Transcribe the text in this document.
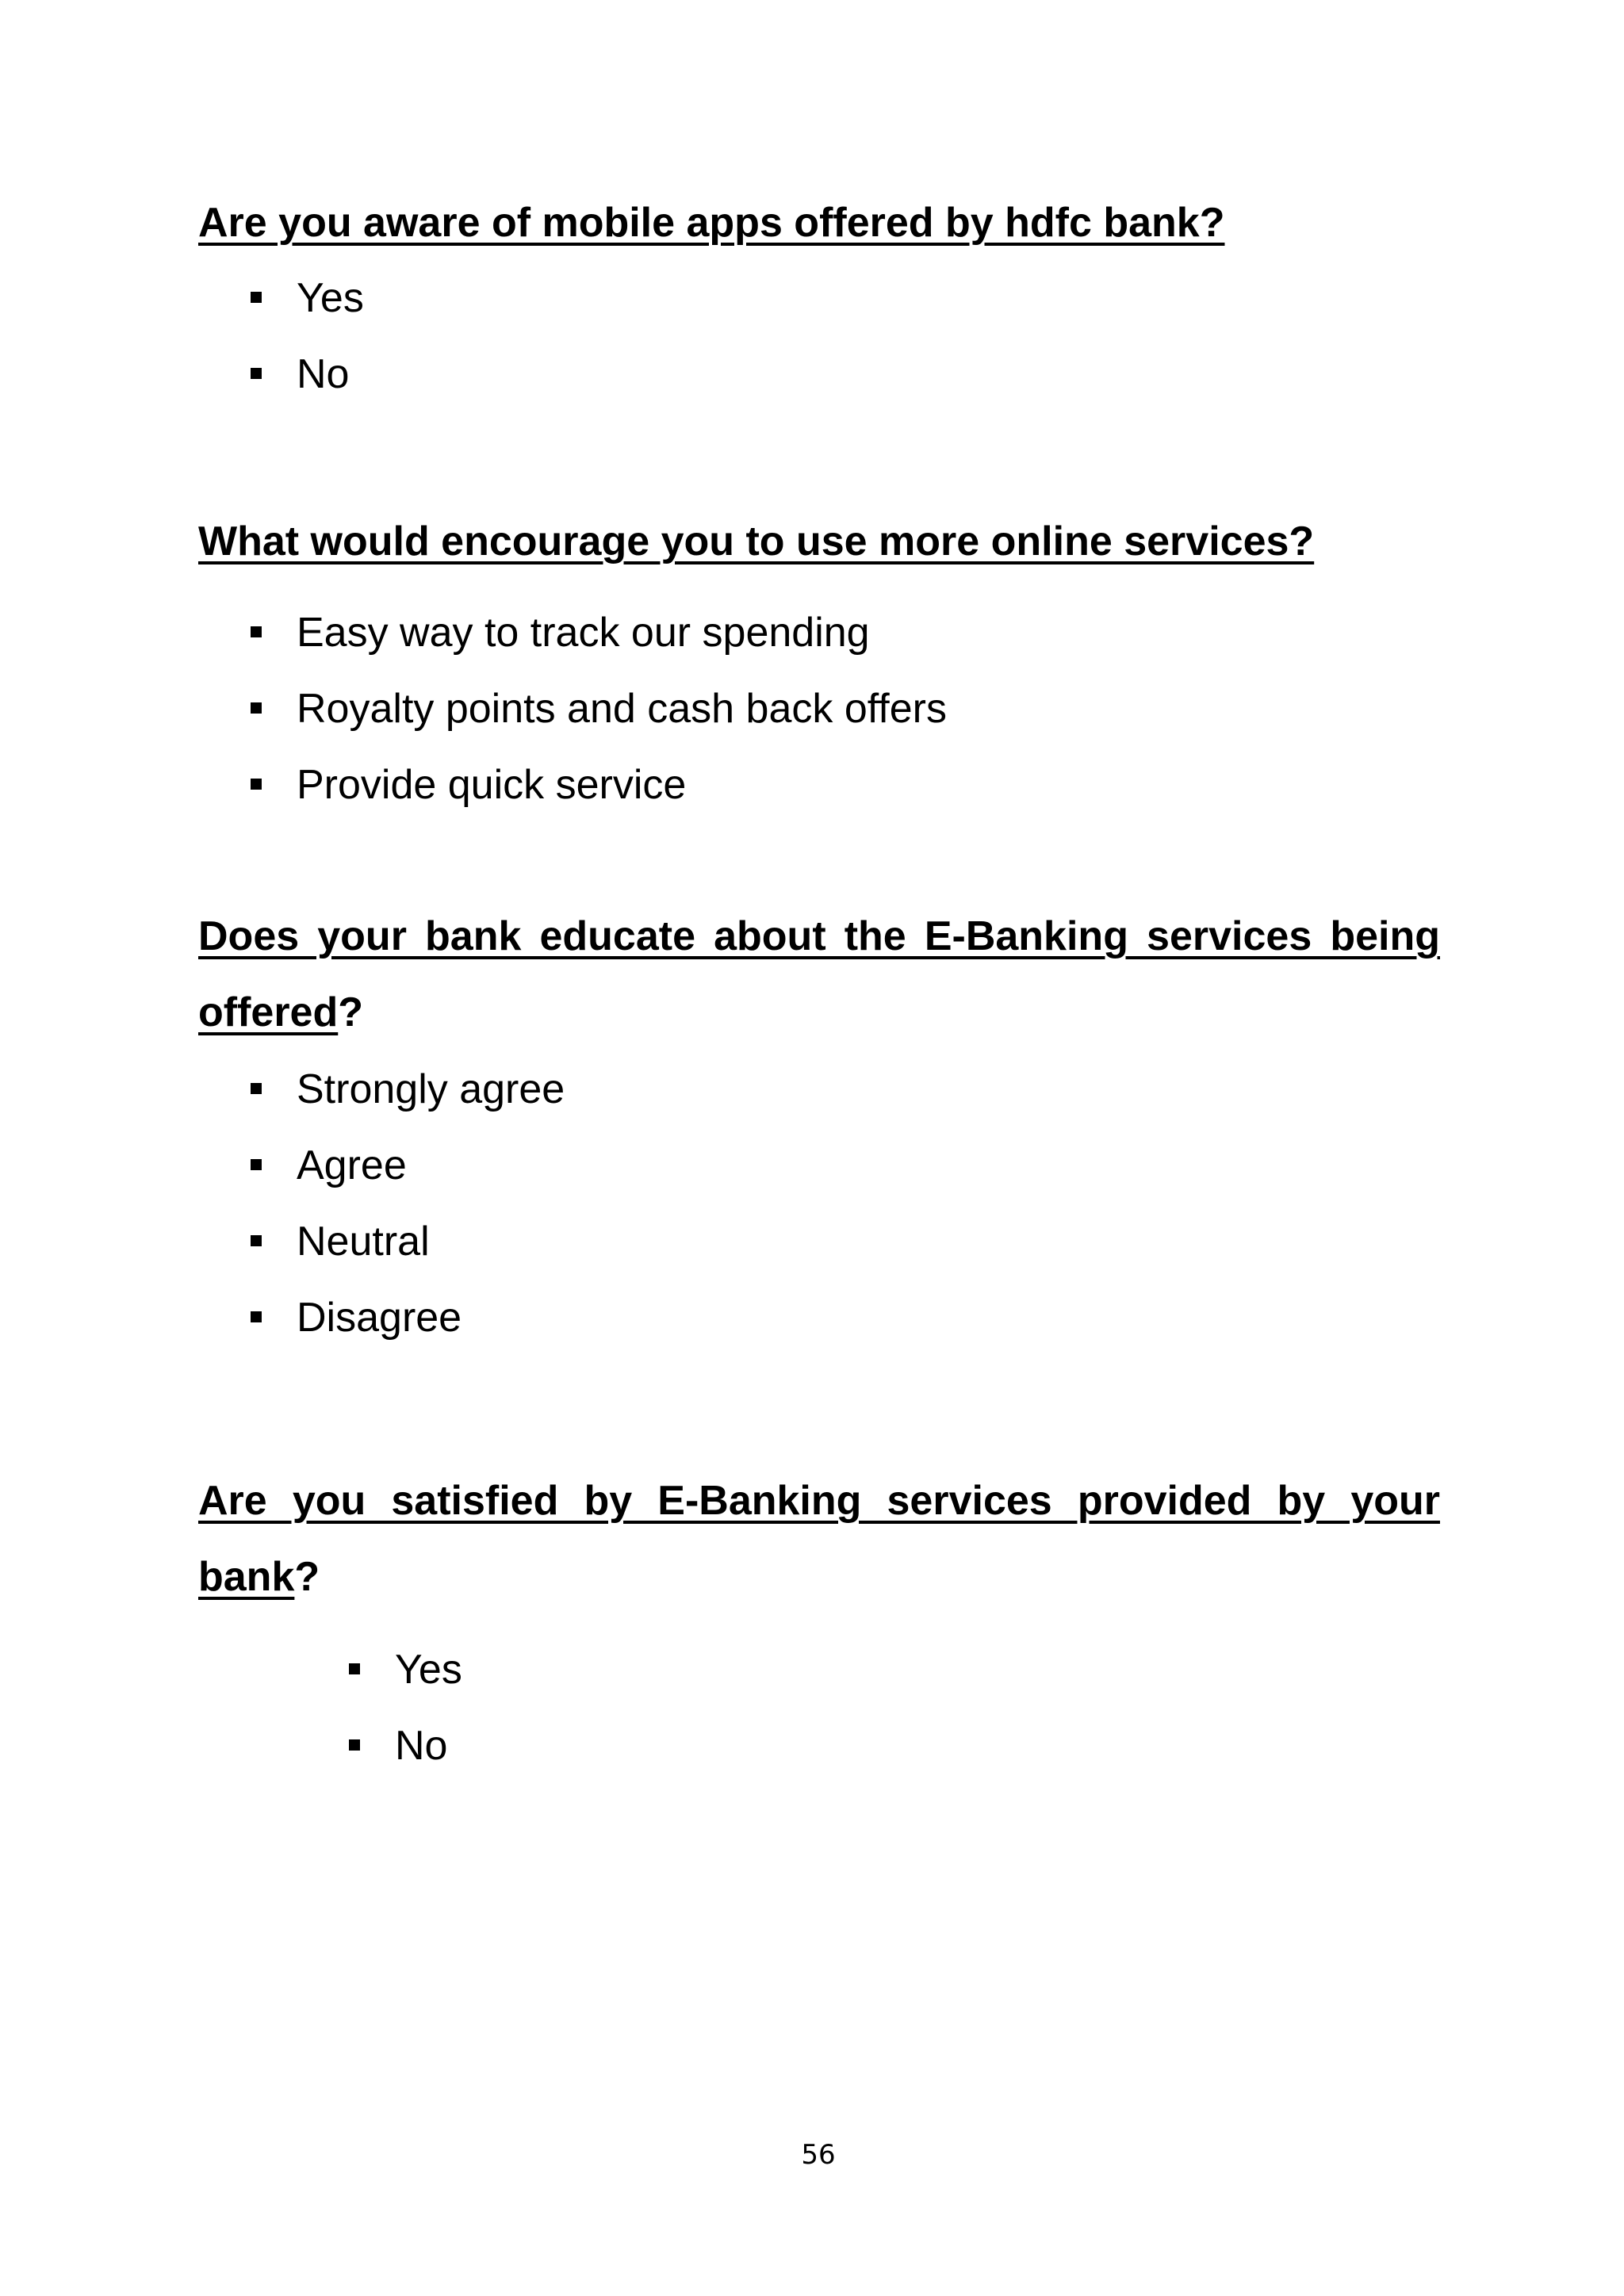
Are you aware of mobile apps offered by hdfc bank?

Yes
No

What would encourage you to use more online services?

Easy way to track our spending
Royalty points and cash back offers
Provide quick service

Does your bank educate about the E-Banking services being offered?

Strongly agree
Agree
Neutral
Disagree

Are you satisfied by E-Banking services provided by your bank?

Yes
No
56
